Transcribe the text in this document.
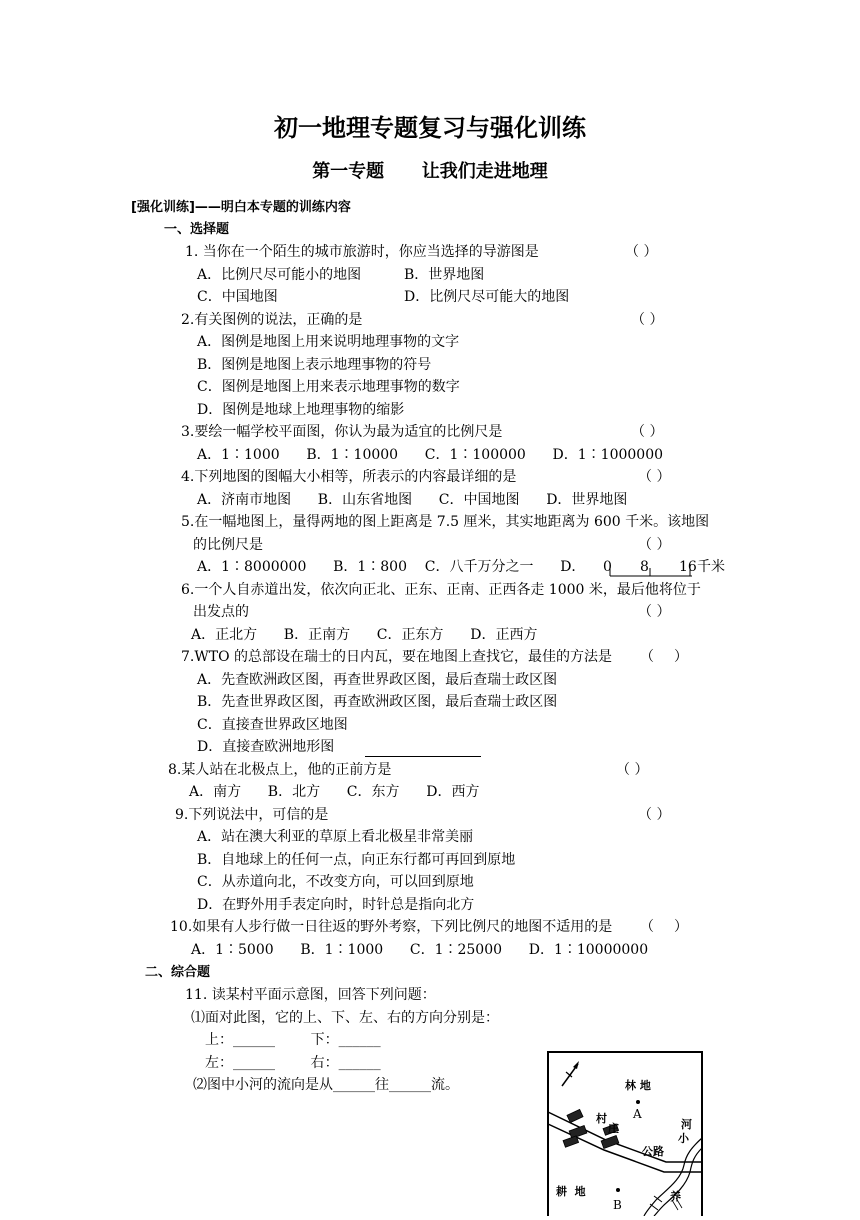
初一地理专题复习与强化训练
第一专题      让我们走进地理
[强化训练]——明白本专题的训练内容
一、选择题
1. 当你在一个陌生的城市旅游时，你应当选择的导游图是	（ ）
A．比例尺尽可能小的地图	B．世界地图
C．中国地图	D．比例尺尽可能大的地图
2.有关图例的说法，正确的是	（ ）
A．图例是地图上用来说明地理事物的文字
B．图例是地图上表示地理事物的符号
C．图例是地图上用来表示地理事物的数字
D．图例是地球上地理事物的缩影
3.要绘一幅学校平面图，你认为最为适宜的比例尺是	（ ）
A．1∶1000      B．1∶10000      C．1∶100000      D．1∶1000000
4.下列地图的图幅大小相等，所表示的内容最详细的是	（ ）
A．济南市地图      B．山东省地图      C．中国地图      D．世界地图
5.在一幅地图上，量得两地的图上距离是 7.5 厘米，其实地距离为 600 千米。该地图
的比例尺是	（ ）
A．1∶8000000      B．1∶800    C．八千万分之一      D． 0 8 16 千米
6.一个人自赤道出发，依次向正北、正东、正南、正西各走 1000 米，最后他将位于
出发点的	（ ）
A．正北方      B．正南方      C．正东方      D．正西方
7.WTO 的总部设在瑞士的日内瓦，要在地图上查找它，最佳的方法是 （ ）
A．先查欧洲政区图，再查世界政区图，最后查瑞士政区图
B．先查世界政区图，再查欧洲政区图，最后查瑞士政区图
C．直接查世界政区地图
D．直接查欧洲地形图
8.某人站在北极点上，他的正前方是	（ ）
A．南方      B．北方      C．东方      D．西方
9.下列说法中，可信的是	（ ）
A．站在澳大利亚的草原上看北极星非常美丽
B．自地球上的任何一点，向正东行都可再回到原地
C．从赤道向北，不改变方向，可以回到原地
D．在野外用手表定向时，时针总是指向北方
10.如果有人步行做一日往返的野外考察，下列比例尺的地图不适用的是 （ ）
A．1∶5000      B．1∶1000      C．1∶25000      D．1∶10000000
二、综合题
11. 读某村平面示意图，回答下列问题：
⑴面对此图，它的上、下、左、右的方向分别是：
上：______        下：______
左：______        右：______
⑵图中小河的流向是从______往______流。	林 地
A
村
庄	河
小
公路
耕  地
B
养
